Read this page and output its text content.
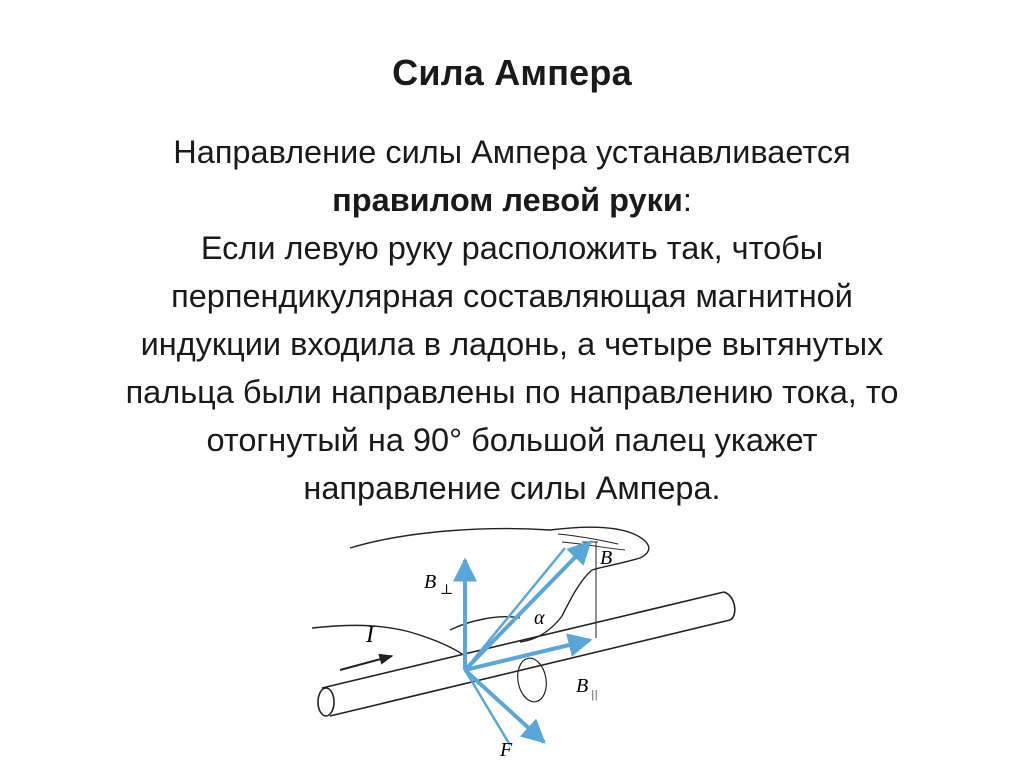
Сила Ампера

Направление силы Ампера устанавливается
правилом левой руки:
Если левую руку расположить так, чтобы
перпендикулярная составляющая магнитной
индукции входила в ладонь, а четыре вытянутых
пальца были направлены по направлению тока, то
отогнутый на 90° большой палец укажет
направление силы Ампера.

I
B ⊥
B
B ||
F
α
